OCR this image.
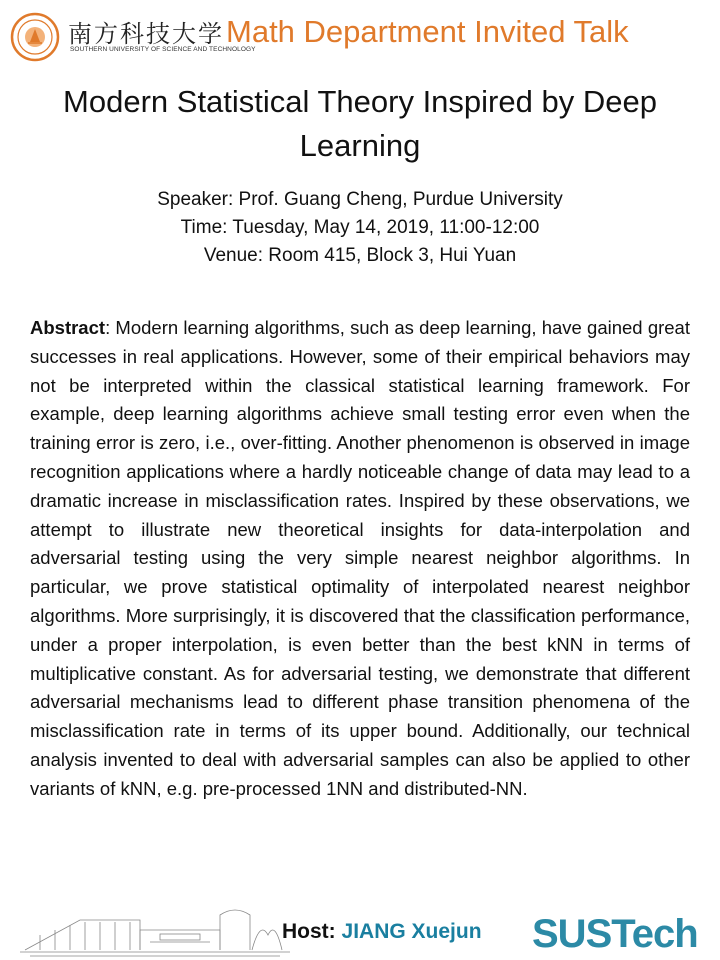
南方科技大学
SOUTHERN UNIVERSITY OF SCIENCE AND TECHNOLOGY
Math Department Invited Talk
Modern Statistical Theory Inspired by Deep Learning
Speaker: Prof. Guang Cheng, Purdue University
Time: Tuesday, May 14, 2019, 11:00-12:00
Venue: Room 415, Block 3, Hui Yuan
Abstract: Modern learning algorithms, such as deep learning, have gained great successes in real applications. However, some of their empirical behaviors may not be interpreted within the classical statistical learning framework. For example, deep learning algorithms achieve small testing error even when the training error is zero, i.e., over-fitting. Another phenomenon is observed in image recognition applications where a hardly noticeable change of data may lead to a dramatic increase in misclassification rates. Inspired by these observations, we attempt to illustrate new theoretical insights for data-interpolation and adversarial testing using the very simple nearest neighbor algorithms. In particular, we prove statistical optimality of interpolated nearest neighbor algorithms. More surprisingly, it is discovered that the classification performance, under a proper interpolation, is even better than the best kNN in terms of multiplicative constant. As for adversarial testing, we demonstrate that different adversarial mechanisms lead to different phase transition phenomena of the misclassification rate in terms of its upper bound. Additionally, our technical analysis invented to deal with adversarial samples can also be applied to other variants of kNN, e.g. pre-processed 1NN and distributed-NN.
Host: JIANG Xuejun SUSTech
